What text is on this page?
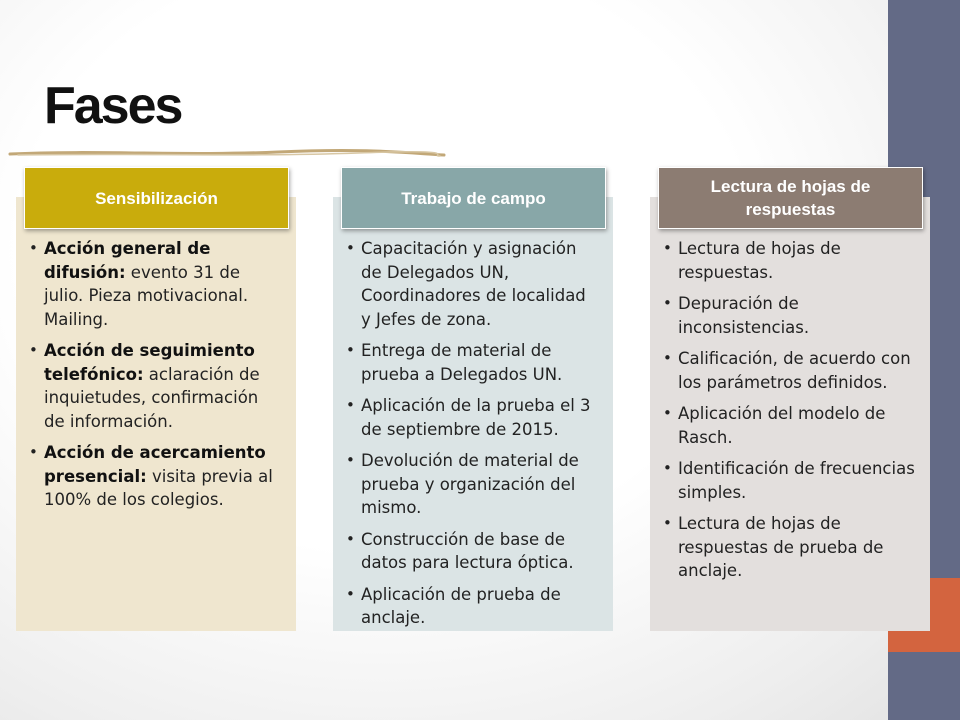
Fases
Sensibilización
• Acción general de difusión: evento 31 de julio. Pieza motivacional. Mailing.
• Acción de seguimiento telefónico: aclaración de inquietudes, confirmación de información.
• Acción de acercamiento presencial: visita previa al 100% de los colegios.
Trabajo de campo
• Capacitación y asignación de Delegados UN, Coordinadores de localidad y Jefes de zona.
• Entrega de material de prueba a Delegados UN.
• Aplicación de la prueba el 3 de septiembre de 2015.
• Devolución de material de prueba y organización del mismo.
• Construcción de base de datos para lectura óptica.
• Aplicación de prueba de anclaje.
Lectura de hojas de respuestas
• Lectura de hojas de respuestas.
• Depuración de inconsistencias.
• Calificación, de acuerdo con los parámetros definidos.
• Aplicación del modelo de Rasch.
• Identificación de frecuencias simples.
• Lectura de hojas de respuestas de prueba de anclaje.
